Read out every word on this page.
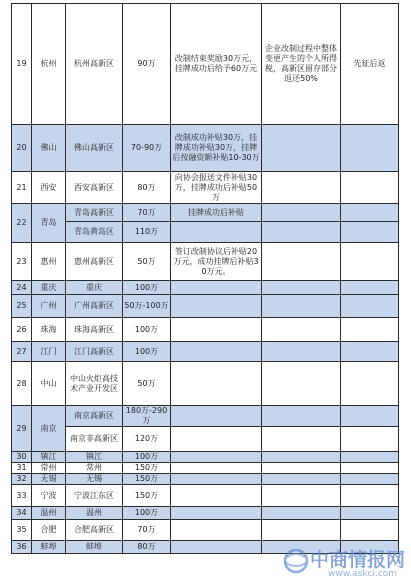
19	杭州	杭州高新区	90万	改制结束奖励30万元，挂牌成功后给予60万元	企业改制过程中整体变更产生的个人所得税，高新区留存部分返还50%	先征后返
20	佛山	佛山高新区	70-90万	改制成功补贴30万，挂牌成功补贴30万，挂牌后按融资额补贴10-30万		
21	西安	西安高新区	80万	向协会报送文件补贴30万，挂牌成功后补贴50万		
22	青岛	青岛高新区	70万	挂牌成功后补贴		
		青岛黄岛区	110万			
23	惠州	惠州高新区	50万	签订改制协议后补贴20万元，成功挂牌后补贴30万元。		
24	重庆	重庆	100万			
25	广州	广州高新区	50万-100万			
26	珠海	珠海高新区	100万			
27	江门	江门高新区	100万			
28	中山	中山火炬高技术产业开发区	50万			
29	南京	南京高新区	180万-290万			
		南京非高新区	120万			
30	镇江	镇江	100万			
31	常州	常州	150万			
32	无锡	无锡	150万			
33	宁波	宁波江东区	150万			
34	温州	温州	100万			
35	合肥	合肥高新区	70万			
36	蚌埠	蚌埠	80万			
中商情报网
www.askci.com
